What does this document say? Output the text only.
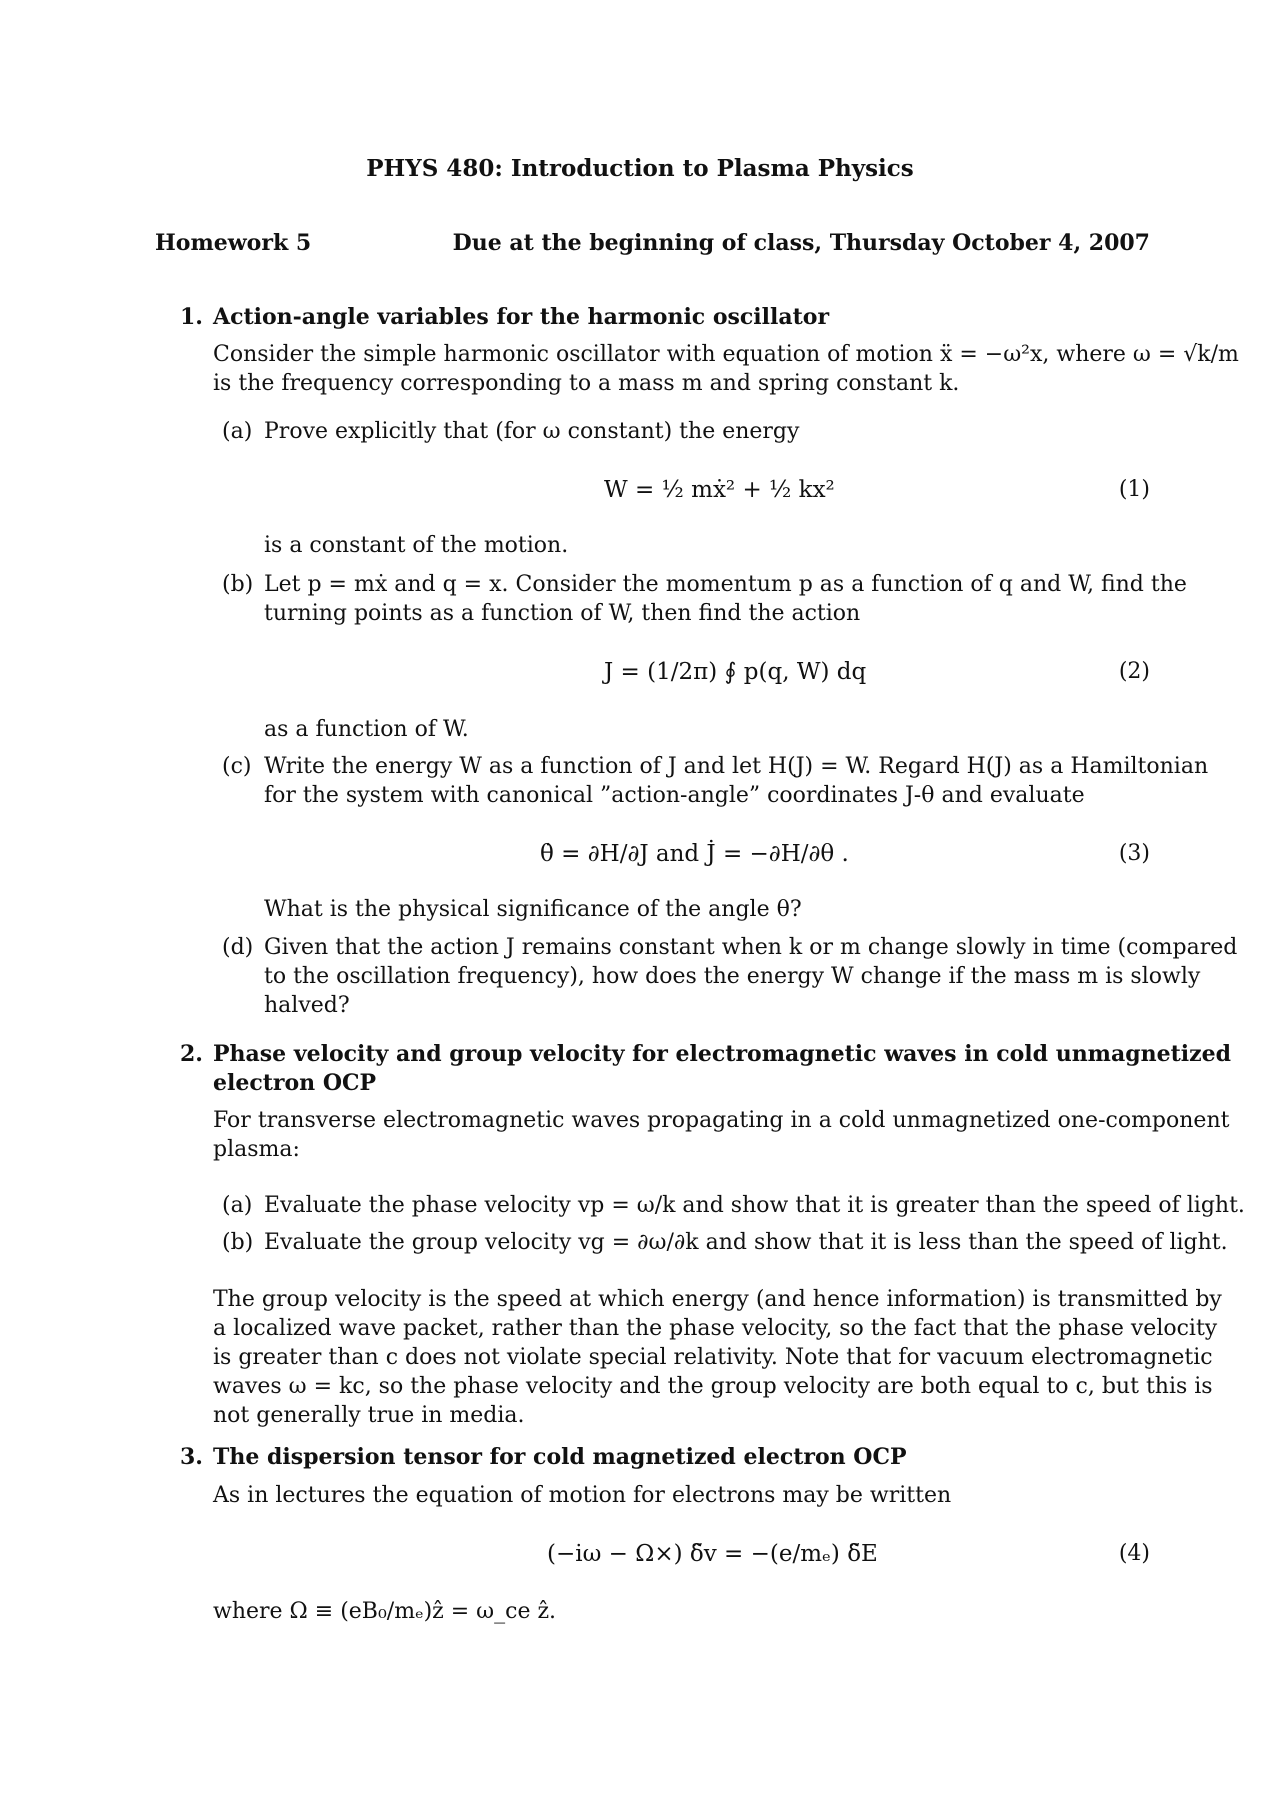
PHYS 480: Introduction to Plasma Physics
Homework 5	Due at the beginning of class, Thursday October 4, 2007
1. Action-angle variables for the harmonic oscillator
Consider the simple harmonic oscillator with equation of motion ẍ = −ω²x, where ω = √k/m
is the frequency corresponding to a mass m and spring constant k.
(a) Prove explicitly that (for ω constant) the energy
W = ½ mẋ² + ½ kx²	(1)
is a constant of the motion.
(b) Let p = mẋ and q = x. Consider the momentum p as a function of q and W, find the
turning points as a function of W, then find the action
J = (1/2π) ∮ p(q, W) dq	(2)
as a function of W.
(c) Write the energy W as a function of J and let H(J) = W. Regard H(J) as a Hamiltonian
for the system with canonical ”action-angle” coordinates J-θ and evaluate
θ̇ = ∂H/∂J and J̇ = −∂H/∂θ .	(3)
What is the physical significance of the angle θ?
(d) Given that the action J remains constant when k or m change slowly in time (compared
to the oscillation frequency), how does the energy W change if the mass m is slowly
halved?
2. Phase velocity and group velocity for electromagnetic waves in cold unmagnetized
electron OCP
For transverse electromagnetic waves propagating in a cold unmagnetized one-component
plasma:
(a) Evaluate the phase velocity vp = ω/k and show that it is greater than the speed of light.
(b) Evaluate the group velocity vg = ∂ω/∂k and show that it is less than the speed of light.
The group velocity is the speed at which energy (and hence information) is transmitted by
a localized wave packet, rather than the phase velocity, so the fact that the phase velocity
is greater than c does not violate special relativity. Note that for vacuum electromagnetic
waves ω = kc, so the phase velocity and the group velocity are both equal to c, but this is
not generally true in media.
3. The dispersion tensor for cold magnetized electron OCP
As in lectures the equation of motion for electrons may be written
(−iω − Ω×) δ̃v = −(e/mₑ) δ̃E	(4)
where Ω ≡ (eB₀/mₑ)ẑ = ω_ce ẑ.
